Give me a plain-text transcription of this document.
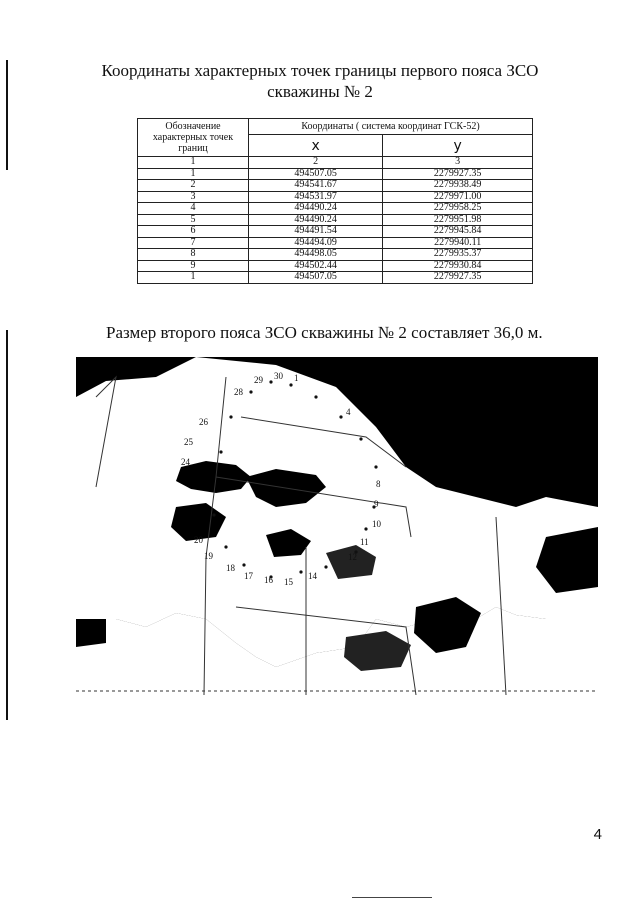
Координаты характерных точек границы первого пояса ЗСО
скважины № 2
Обозначение характерных точек границ	Координаты ( система координат ГСК-52)	
	x	y
1	2	3
1	494507.05	2279927.35
2	494541.67	2279938.49
3	494531.97	2279971.00
4	494490.24	2279958.25
5	494490.24	2279951.98
6	494491.54	2279945.84
7	494494.09	2279940.11
8	494498.05	2279935.37
9	494502.44	2279930.84
1	494507.05	2279927.35
Размер второго пояса ЗСО скважины № 2 составляет 36,0 м.
28
29 30 1
26
25
24
4
8
9
10
11
12
14
15
16
17
18
19
20
4
